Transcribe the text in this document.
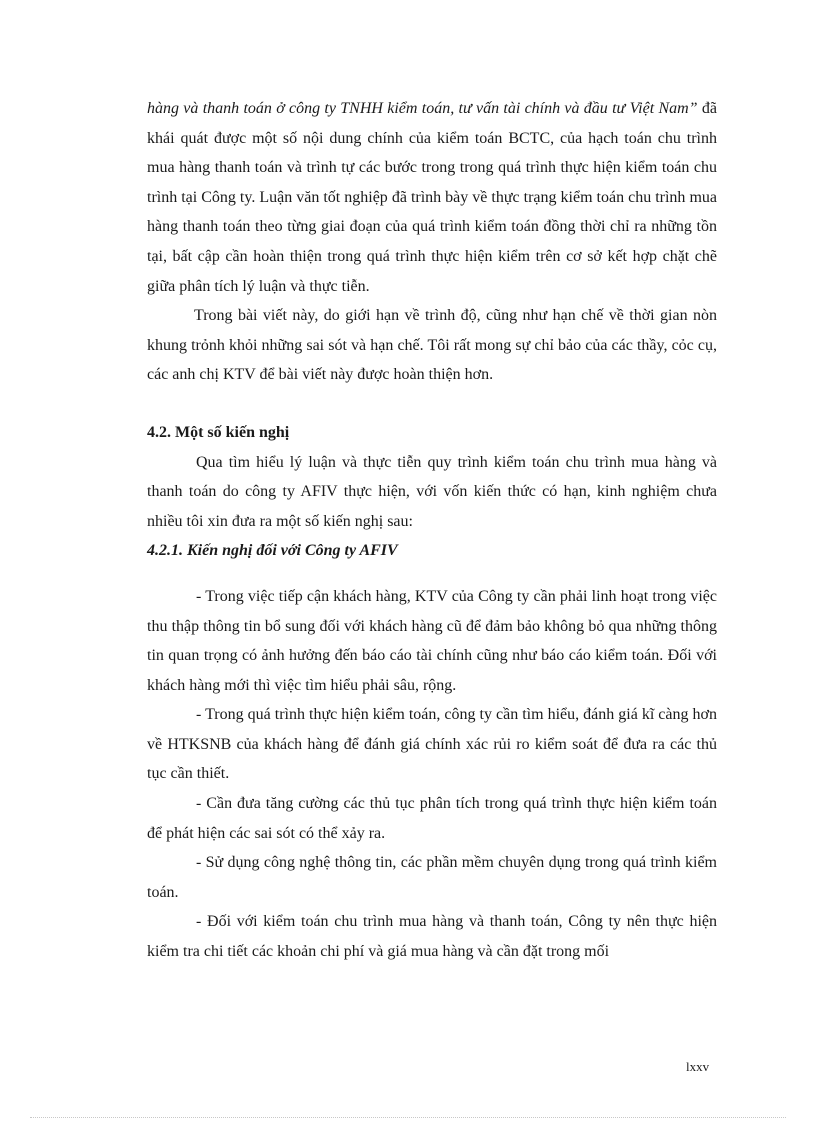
hàng và thanh toán ở công ty TNHH kiểm toán, tư vấn tài chính và đầu tư Việt Nam” đã khái quát được một số nội dung chính của kiểm toán BCTC, của hạch toán chu trình mua hàng thanh toán và trình tự các bước trong trong quá trình thực hiện kiểm toán chu trình tại Công ty. Luận văn tốt nghiệp đã trình bày về thực trạng kiểm toán chu trình mua hàng thanh toán theo từng giai đoạn của quá trình kiểm toán đồng thời chỉ ra những tồn tại, bất cập cần hoàn thiện trong quá trình thực hiện kiểm trên cơ sở kết hợp chặt chẽ giữa phân tích lý luận và thực tiễn.

Trong bài viết này, do giới hạn về trình độ, cũng như hạn chế về thời gian nòn khung trỏnh khỏi những sai sót và hạn chế. Tôi rất mong sự chỉ bảo của các thầy, cỏc cụ, các anh chị KTV để bài viết này được hoàn thiện hơn.

4.2. Một số kiến nghị

Qua tìm hiểu lý luận và thực tiễn quy trình kiểm toán chu trình mua hàng và thanh toán do công ty AFIV thực hiện, với vốn kiến thức có hạn, kinh nghiệm chưa nhiều tôi xin đưa ra một số kiến nghị sau:

4.2.1. Kiến nghị đối với Công ty AFIV

- Trong việc tiếp cận khách hàng, KTV của Công ty cần phải linh hoạt trong việc thu thập thông tin bổ sung đối với khách hàng cũ để đảm bảo không bỏ qua những thông tin quan trọng có ảnh hưởng đến báo cáo tài chính cũng như báo cáo kiểm toán. Đối với khách hàng mới thì việc tìm hiểu phải sâu, rộng.

- Trong quá trình thực hiện kiểm toán, công ty cần tìm hiểu, đánh giá kĩ càng hơn về HTKSNB của khách hàng để đánh giá chính xác rủi ro kiểm soát để đưa ra các thủ tục cần thiết.

- Cần đưa tăng cường các thủ tục phân tích trong quá trình thực hiện kiểm toán để phát hiện các sai sót có thể xảy ra.

- Sử dụng công nghệ thông tin, các phần mềm chuyên dụng trong quá trình kiểm toán.

- Đối với kiểm toán chu trình mua hàng và thanh toán, Công ty nên thực hiện kiểm tra chi tiết các khoản chi phí và giá mua hàng và cần đặt trong mối

lxxv
